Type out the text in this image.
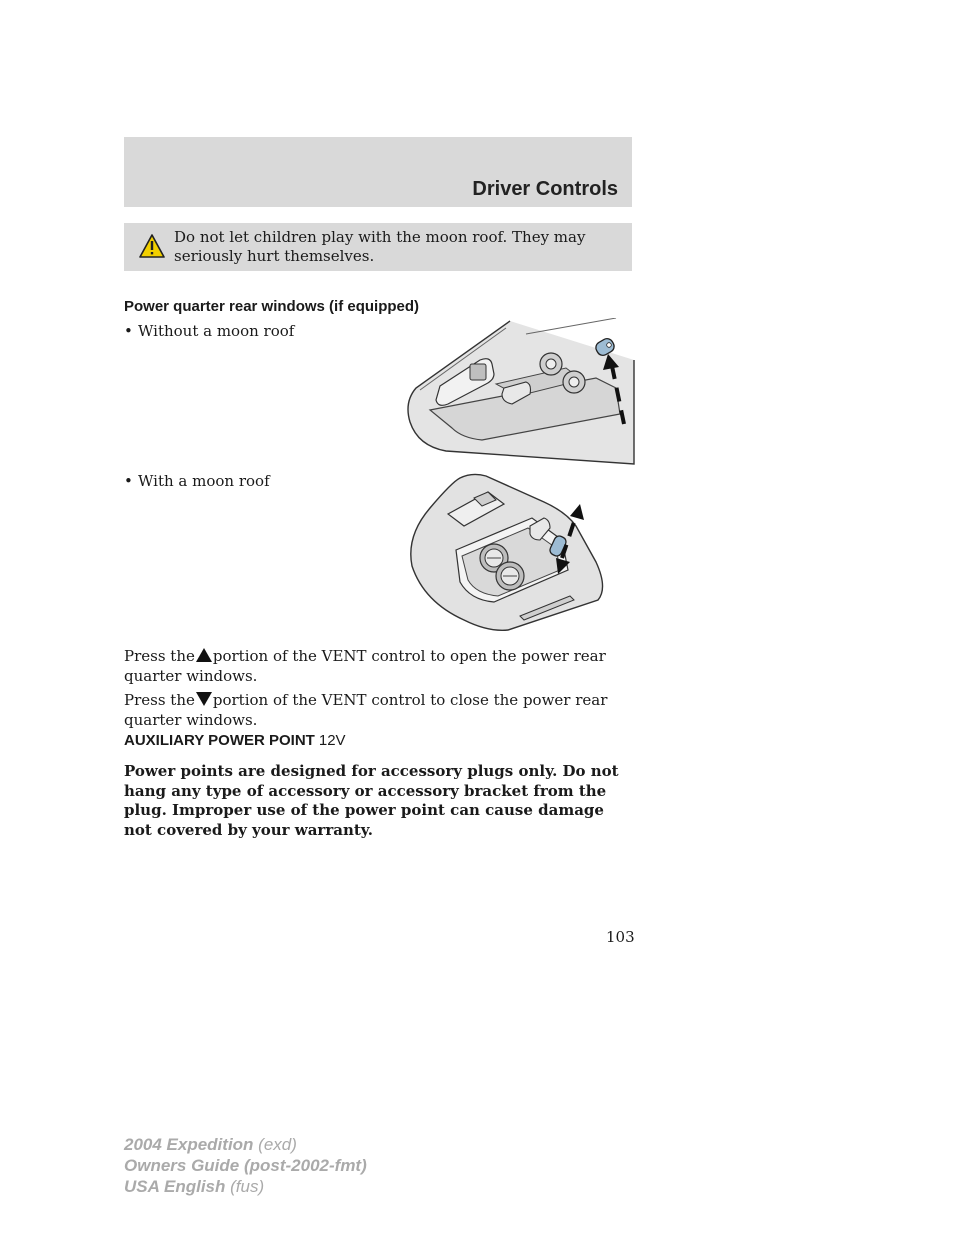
Driver Controls
Do not let children play with the moon roof. They may seriously hurt themselves.
Power quarter rear windows (if equipped)
• Without a moon roof
• With a moon roof
Press the portion of the VENT control to open the power rear quarter windows.
Press the portion of the VENT control to close the power rear quarter windows.
AUXILIARY POWER POINT 12V
Power points are designed for accessory plugs only. Do not hang any type of accessory or accessory bracket from the plug. Improper use of the power point can cause damage not covered by your warranty.
103
2004 Expedition (exd)
Owners Guide (post-2002-fmt)
USA English (fus)
